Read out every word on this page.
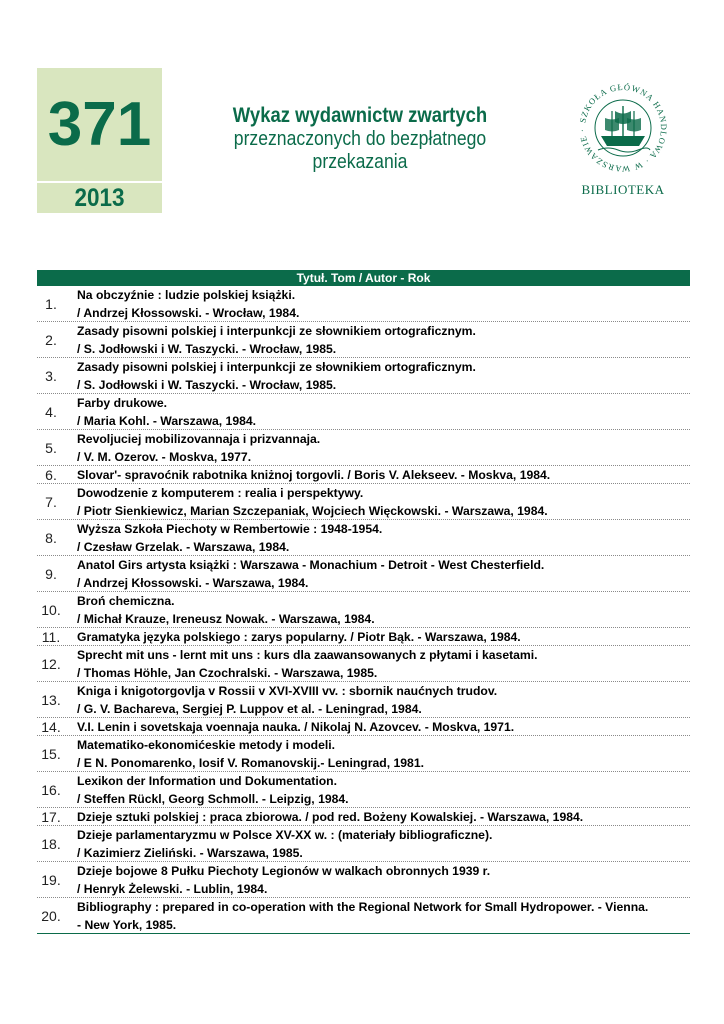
371
2013
Wykaz wydawnictw zwartych
przeznaczonych do bezpłatnego
przekazania
SZKOŁA GŁÓWNA HANDLOWA · W WARSZAWIE ·
BIBLIOTEKA
Tytuł. Tom / Autor - Rok
1.
Na obczyźnie : ludzie polskiej książki.
/ Andrzej Kłossowski. - Wrocław, 1984.
2.
Zasady pisowni polskiej i interpunkcji ze słownikiem ortograficznym.
/ S. Jodłowski i W. Taszycki. - Wrocław, 1985.
3.
Zasady pisowni polskiej i interpunkcji ze słownikiem ortograficznym.
/ S. Jodłowski i W. Taszycki. - Wrocław, 1985.
4.
Farby drukowe.
/ Maria Kohl. - Warszawa, 1984.
5.
Revoljuciej mobilizovannaja i prizvannaja.
/ V. M. Ozerov. - Moskva, 1977.
6.	Slovar'- spravoćnik rabotnika kniżnoj torgovli. / Boris V. Alekseev. - Moskva, 1984.
7.
Dowodzenie z komputerem : realia i perspektywy.
/ Piotr Sienkiewicz, Marian Szczepaniak, Wojciech Więckowski. - Warszawa, 1984.
8.
Wyższa Szkoła Piechoty w Rembertowie : 1948-1954.
/ Czesław Grzelak. - Warszawa, 1984.
9.
Anatol Girs artysta książki : Warszawa - Monachium - Detroit - West Chesterfield.
/ Andrzej Kłossowski. - Warszawa, 1984.
10.
Broń chemiczna.
/ Michał Krauze, Ireneusz Nowak. - Warszawa, 1984.
11.	Gramatyka języka polskiego : zarys popularny. / Piotr Bąk. - Warszawa, 1984.
12.
Sprecht mit uns - lernt mit uns : kurs dla zaawansowanych z płytami i kasetami.
/ Thomas Höhle, Jan Czochralski. - Warszawa, 1985.
13.
Kniga i knigotorgovlja v Rossii v XVI-XVIII vv. : sbornik naućnych trudov.
/ G. V. Bachareva, Sergiej P. Luppov et al. - Leningrad, 1984.
14.	V.I. Lenin i sovetskaja voennaja nauka. / Nikolaj N. Azovcev. - Moskva, 1971.
15.
Matematiko-ekonomićeskie metody i modeli.
/ E N. Ponomarenko, Iosif V. Romanovskij.- Leningrad, 1981.
16.
Lexikon der Information und Dokumentation.
/ Steffen Rückl, Georg Schmoll. - Leipzig, 1984.
17.	Dzieje sztuki polskiej : praca zbiorowa. / pod red. Bożeny Kowalskiej. - Warszawa, 1984.
18.
Dzieje parlamentaryzmu w Polsce XV-XX w. : (materiały bibliograficzne).
/ Kazimierz Zieliński. - Warszawa, 1985.
19.
Dzieje bojowe 8 Pułku Piechoty Legionów w walkach obronnych 1939 r.
/ Henryk Żelewski. - Lublin, 1984.
20.
Bibliography : prepared in co-operation with the Regional Network for Small Hydropower. - Vienna.
- New York, 1985.
